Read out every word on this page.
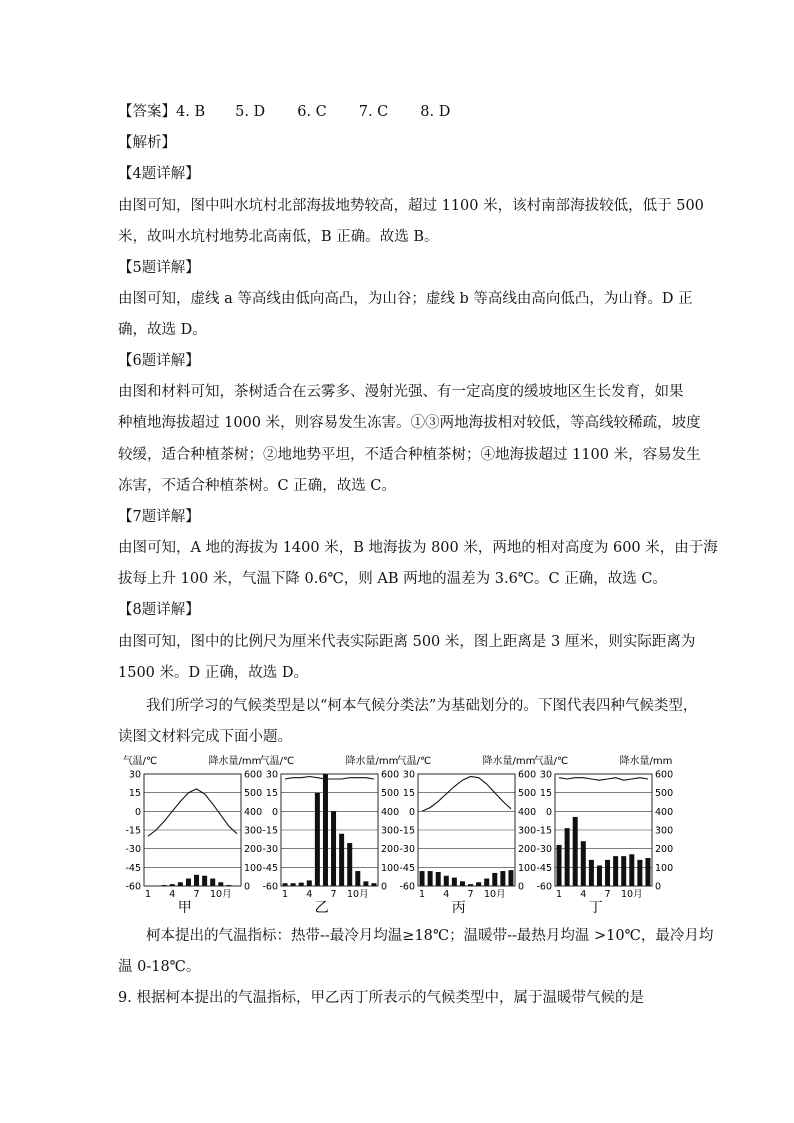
【答案】4. B 5. D 6. C 7. C 8. D
【解析】
【4题详解】
由图可知，图中叫水坑村北部海拔地势较高，超过 1100 米，该村南部海拔较低，低于 500
米，故叫水坑村地势北高南低，B 正确。故选 B。
【5题详解】
由图可知，虚线 a 等高线由低向高凸，为山谷；虚线 b 等高线由高向低凸，为山脊。D 正
确，故选 D。
【6题详解】
由图和材料可知，茶树适合在云雾多、漫射光强、有一定高度的缓坡地区生长发育，如果
种植地海拔超过 1000 米，则容易发生冻害。①③两地海拔相对较低，等高线较稀疏，坡度
较缓，适合种植茶树；②地地势平坦，不适合种植茶树；④地海拔超过 1100 米，容易发生
冻害，不适合种植茶树。C 正确，故选 C。
【7题详解】
由图可知，A 地的海拔为 1400 米，B 地海拔为 800 米，两地的相对高度为 600 米，由于海
拔每上升 100 米，气温下降 0.6℃，则 AB 两地的温差为 3.6℃。C 正确，故选 C。
【8题详解】
由图可知，图中的比例尺为厘米代表实际距离 500 米，图上距离是 3 厘米，则实际距离为
1500 米。D 正确，故选 D。
我们所学习的气候类型是以“柯本气候分类法”为基础划分的。下图代表四种气候类型，
读图文材料完成下面小题。
气温/℃	降水量/mm
30	600
15	500
0	400
-15	300
-30	200
-45	100
-60	0
1 4 7 10月
甲
气温/℃	降水量/mm
30	600
15	500
0	400
-15	300
-30	200
-45	100
-60	0
1 4 7 10月
乙
气温/℃	降水量/mm
30	600
15	500
0	400
-15	300
-30	200
-45	100
-60	0
1 4 7 10月
丙
气温/℃	降水量/mm
30	600
15	500
0	400
-15	300
-30	200
-45	100
-60	0
1 4 7 10月
丁
柯本提出的气温指标：热带--最冷月均温≥18℃；温暖带--最热月均温 >10℃，最冷月均
温 0-18℃。
9. 根据柯本提出的气温指标，甲乙丙丁所表示的气候类型中，属于温暖带气候的是
